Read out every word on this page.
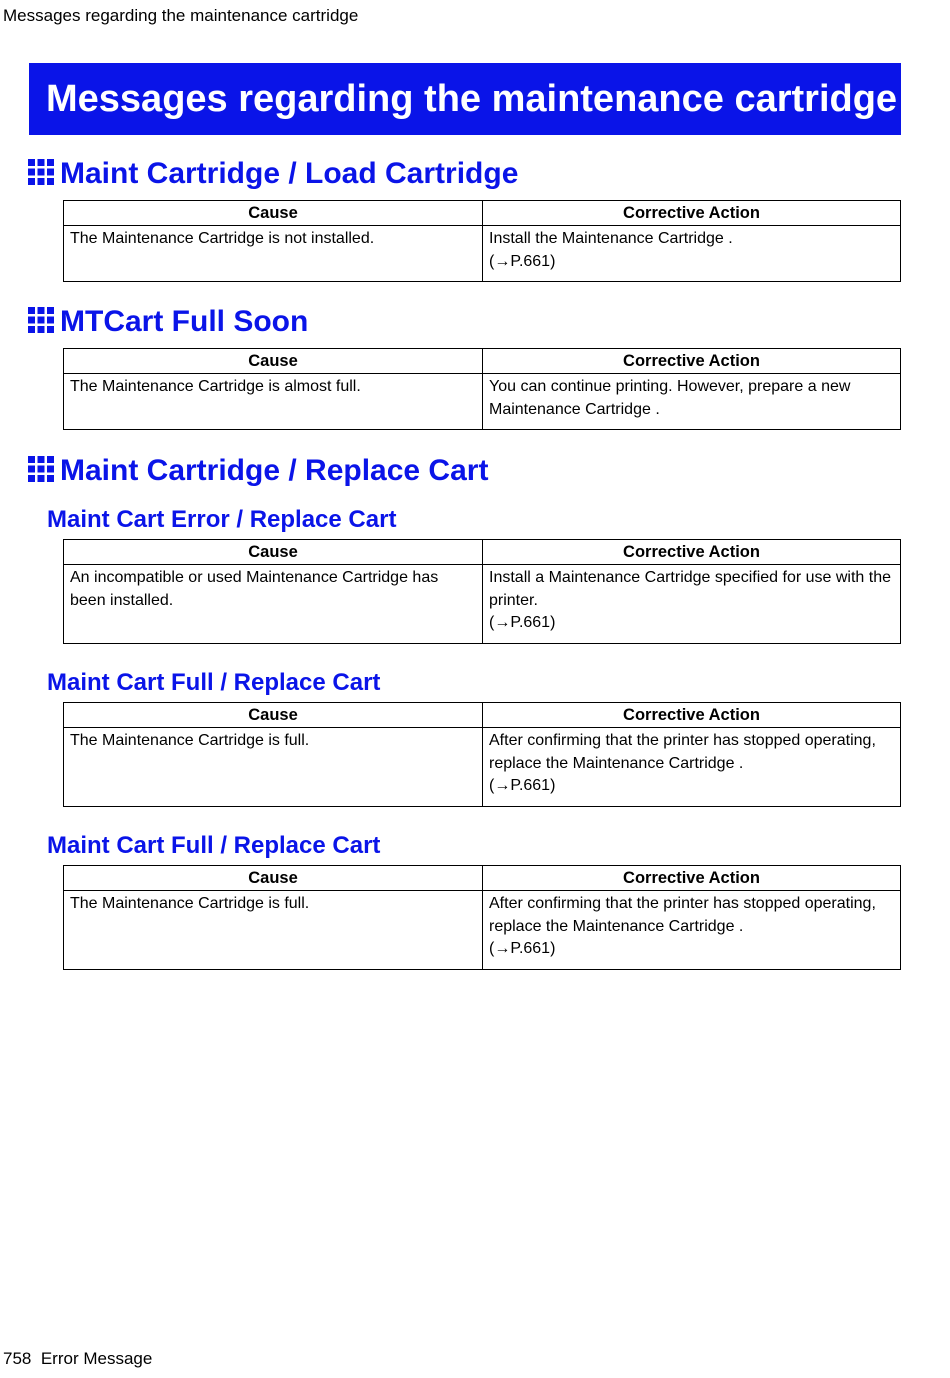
Messages regarding the maintenance cartridge
Messages regarding the maintenance cartridge
Maint Cartridge / Load Cartridge
Cause	Corrective Action
The Maintenance Cartridge is not installed.	Install the Maintenance Cartridge .
(→P.661)
MTCart Full Soon
Cause	Corrective Action
The Maintenance Cartridge is almost full.	You can continue printing. However, prepare a new Maintenance Cartridge .
Maint Cartridge / Replace Cart
Maint Cart Error / Replace Cart
Cause	Corrective Action
An incompatible or used Maintenance Cartridge has been installed.	Install a Maintenance Cartridge specified for use with the printer.
(→P.661)
Maint Cart Full / Replace Cart
Cause	Corrective Action
The Maintenance Cartridge is full.	After confirming that the printer has stopped operating, replace the Maintenance Cartridge .
(→P.661)
Maint Cart Full / Replace Cart
Cause	Corrective Action
The Maintenance Cartridge is full.	After confirming that the printer has stopped operating, replace the Maintenance Cartridge .
(→P.661)
758 Error Message
